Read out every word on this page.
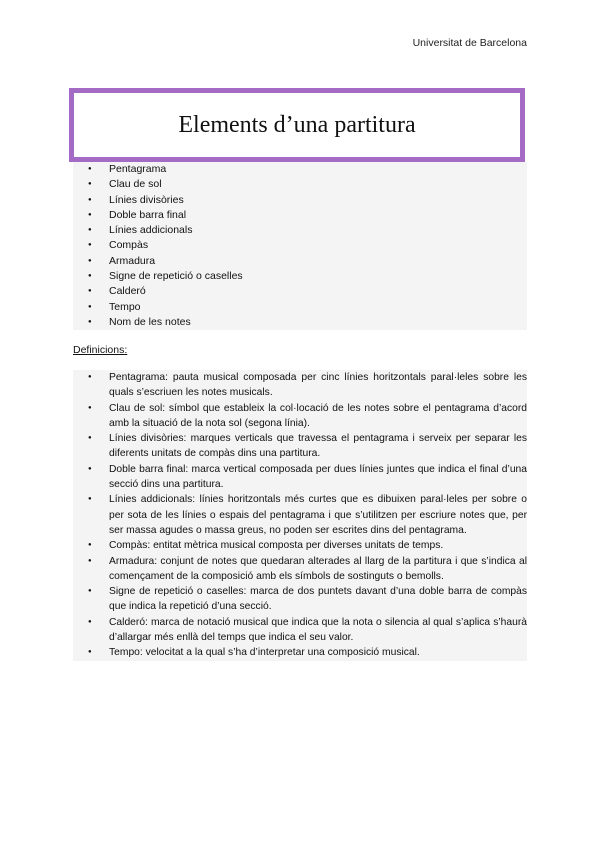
Universitat de Barcelona
Elements d’una partitura
● Pentagrama
● Clau de sol
● Línies divisòries
● Doble barra final
● Línies addicionals
● Compàs
● Armadura
● Signe de repetició o caselles
● Calderó
● Tempo
● Nom de les notes
Definicions:
● Pentagrama: pauta musical composada per cinc línies horitzontals paral·leles sobre les quals s’escriuen les notes musicals.
● Clau de sol: símbol que estableix la col·locació de les notes sobre el pentagrama d’acord amb la situació de la nota sol (segona línia).
● Línies divisòries: marques verticals que travessa el pentagrama i serveix per separar les diferents unitats de compàs dins una partitura.
● Doble barra final: marca vertical composada per dues línies juntes que indica el final d’una secció dins una partitura.
● Línies addicionals: línies horitzontals més curtes que es dibuixen paral·leles per sobre o per sota de les línies o espais del pentagrama i que s’utilitzen per escriure notes que, per ser massa agudes o massa greus, no poden ser escrites dins del pentagrama.
● Compàs: entitat mètrica musical composta per diverses unitats de temps.
● Armadura: conjunt de notes que quedaran alterades al llarg de la partitura i que s’indica al començament de la composició amb els símbols de sostinguts o bemolls.
● Signe de repetició o caselles: marca de dos puntets davant d’una doble barra de compàs que indica la repetició d’una secció.
● Calderó: marca de notació musical que indica que la nota o silencia al qual s’aplica s’haurà d’allargar més enllà del temps que indica el seu valor.
● Tempo: velocitat a la qual s’ha d’interpretar una composició musical.
